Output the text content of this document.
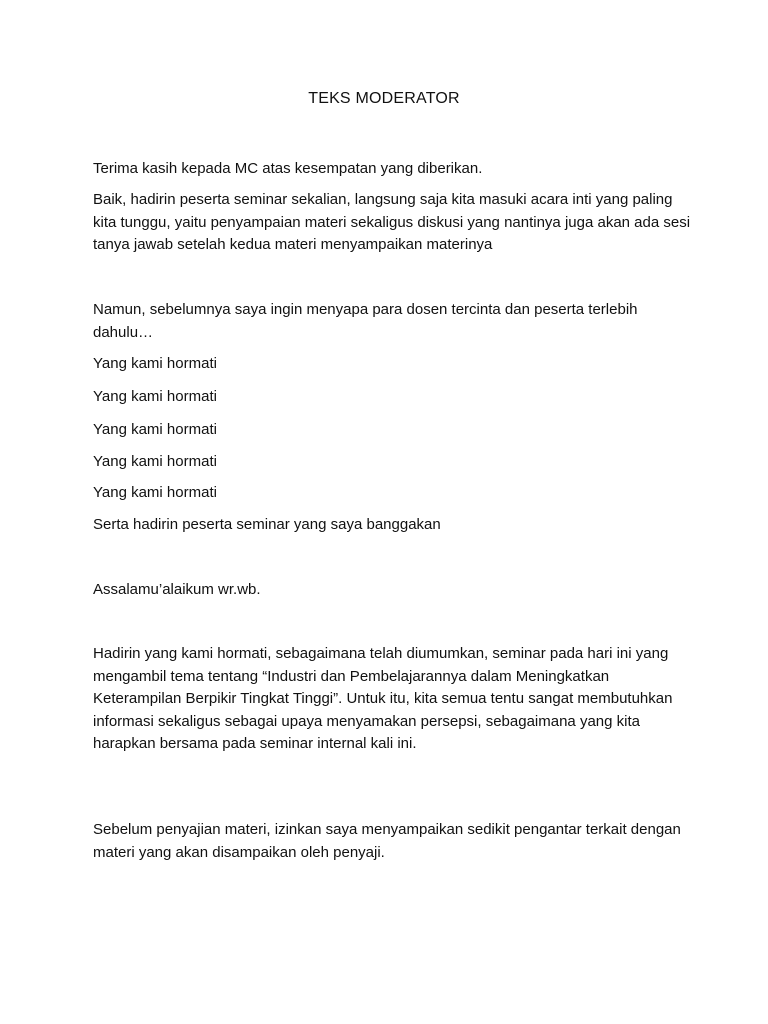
TEKS MODERATOR

Terima kasih kepada MC atas kesempatan yang diberikan.

Baik, hadirin peserta seminar sekalian, langsung saja kita masuki acara inti yang paling kita tunggu, yaitu penyampaian materi sekaligus diskusi yang nantinya juga akan ada sesi tanya jawab setelah kedua materi menyampaikan materinya

Namun, sebelumnya saya ingin menyapa para dosen tercinta dan peserta terlebih dahulu…

Yang kami hormati

Yang kami hormati

Yang kami hormati

Yang kami hormati

Yang kami hormati

Serta hadirin peserta seminar yang saya banggakan

Assalamu’alaikum wr.wb.

Hadirin yang kami hormati, sebagaimana telah diumumkan, seminar pada hari ini yang mengambil tema tentang “Industri dan Pembelajarannya dalam Meningkatkan Keterampilan Berpikir Tingkat Tinggi”. Untuk itu, kita semua tentu sangat membutuhkan informasi sekaligus sebagai upaya menyamakan persepsi, sebagaimana yang kita harapkan bersama pada seminar internal kali ini.

Sebelum penyajian materi, izinkan saya menyampaikan sedikit pengantar terkait dengan materi yang akan disampaikan oleh penyaji.
